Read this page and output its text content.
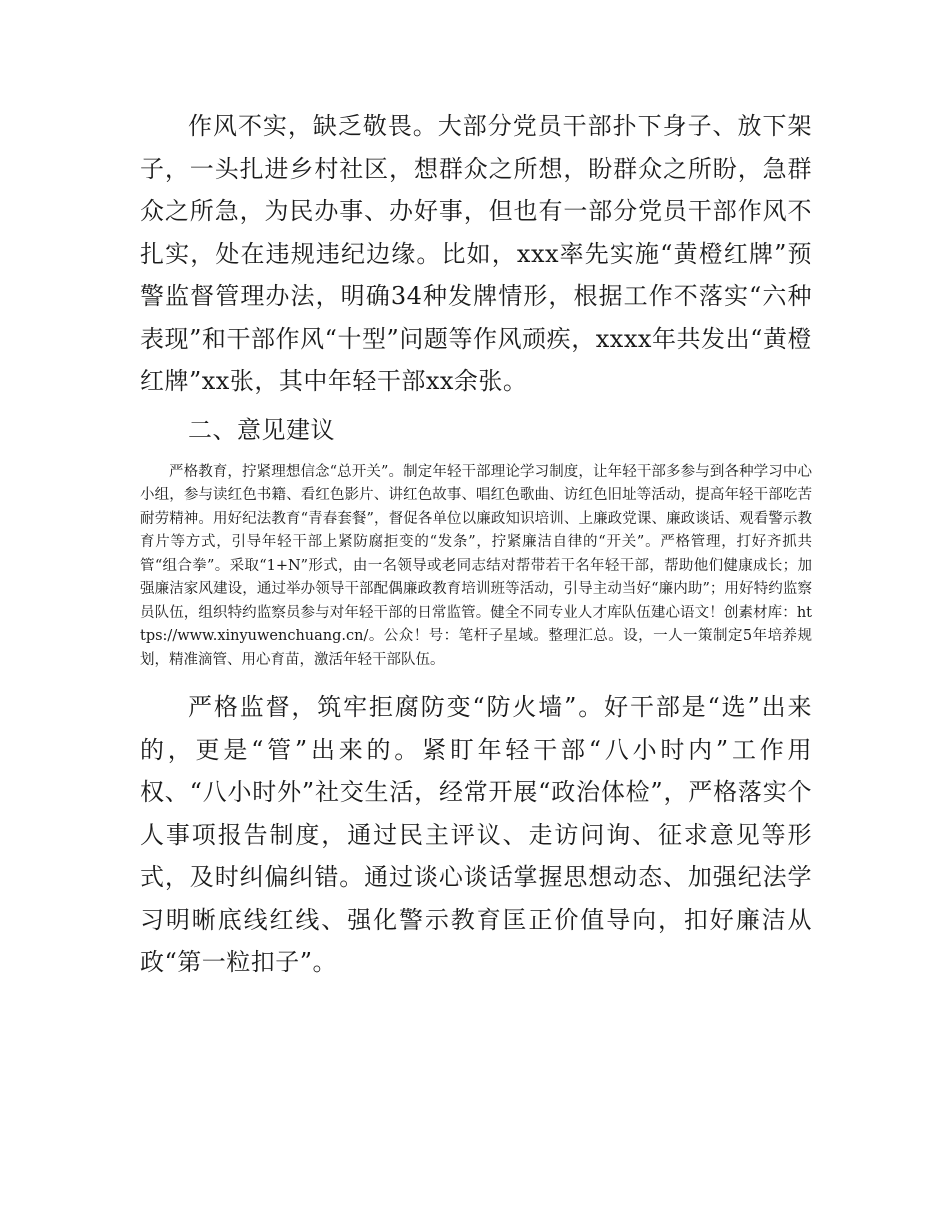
作风不实，缺乏敬畏。大部分党员干部扑下身子、放下架子，一头扎进乡村社区，想群众之所想，盼群众之所盼，急群众之所急，为民办事、办好事，但也有一部分党员干部作风不扎实，处在违规违纪边缘。比如，xxx率先实施“黄橙红牌”预警监督管理办法，明确34种发牌情形，根据工作不落实“六种表现”和干部作风“十型”问题等作风顽疾，xxxx年共发出“黄橙红牌”xx张，其中年轻干部xx余张。

二、意见建议

严格教育，拧紧理想信念“总开关”。制定年轻干部理论学习制度，让年轻干部多参与到各种学习中心小组，参与读红色书籍、看红色影片、讲红色故事、唱红色歌曲、访红色旧址等活动，提高年轻干部吃苦耐劳精神。用好纪法教育“青春套餐”，督促各单位以廉政知识培训、上廉政党课、廉政谈话、观看警示教育片等方式，引导年轻干部上紧防腐拒变的“发条”，拧紧廉洁自律的“开关”。严格管理，打好齐抓共管“组合拳”。采取“1+N”形式，由一名领导或老同志结对帮带若干名年轻干部，帮助他们健康成长；加强廉洁家风建设，通过举办领导干部配偶廉政教育培训班等活动，引导主动当好“廉内助”；用好特约监察员队伍，组织特约监察员参与对年轻干部的日常监管。健全不同专业人才库队伍建心语文！创素材库：https://www.xinyuwenchuang.cn/。公众！号：笔杆子星域。整理汇总。设，一人一策制定5年培养规划，精准滴管、用心育苗，激活年轻干部队伍。

严格监督，筑牢拒腐防变“防火墙”。好干部是“选”出来的，更是“管”出来的。紧盯年轻干部“八小时内”工作用权、“八小时外”社交生活，经常开展“政治体检”，严格落实个人事项报告制度，通过民主评议、走访问询、征求意见等形式，及时纠偏纠错。通过谈心谈话掌握思想动态、加强纪法学习明晰底线红线、强化警示教育匡正价值导向，扣好廉洁从政“第一粒扣子”。
